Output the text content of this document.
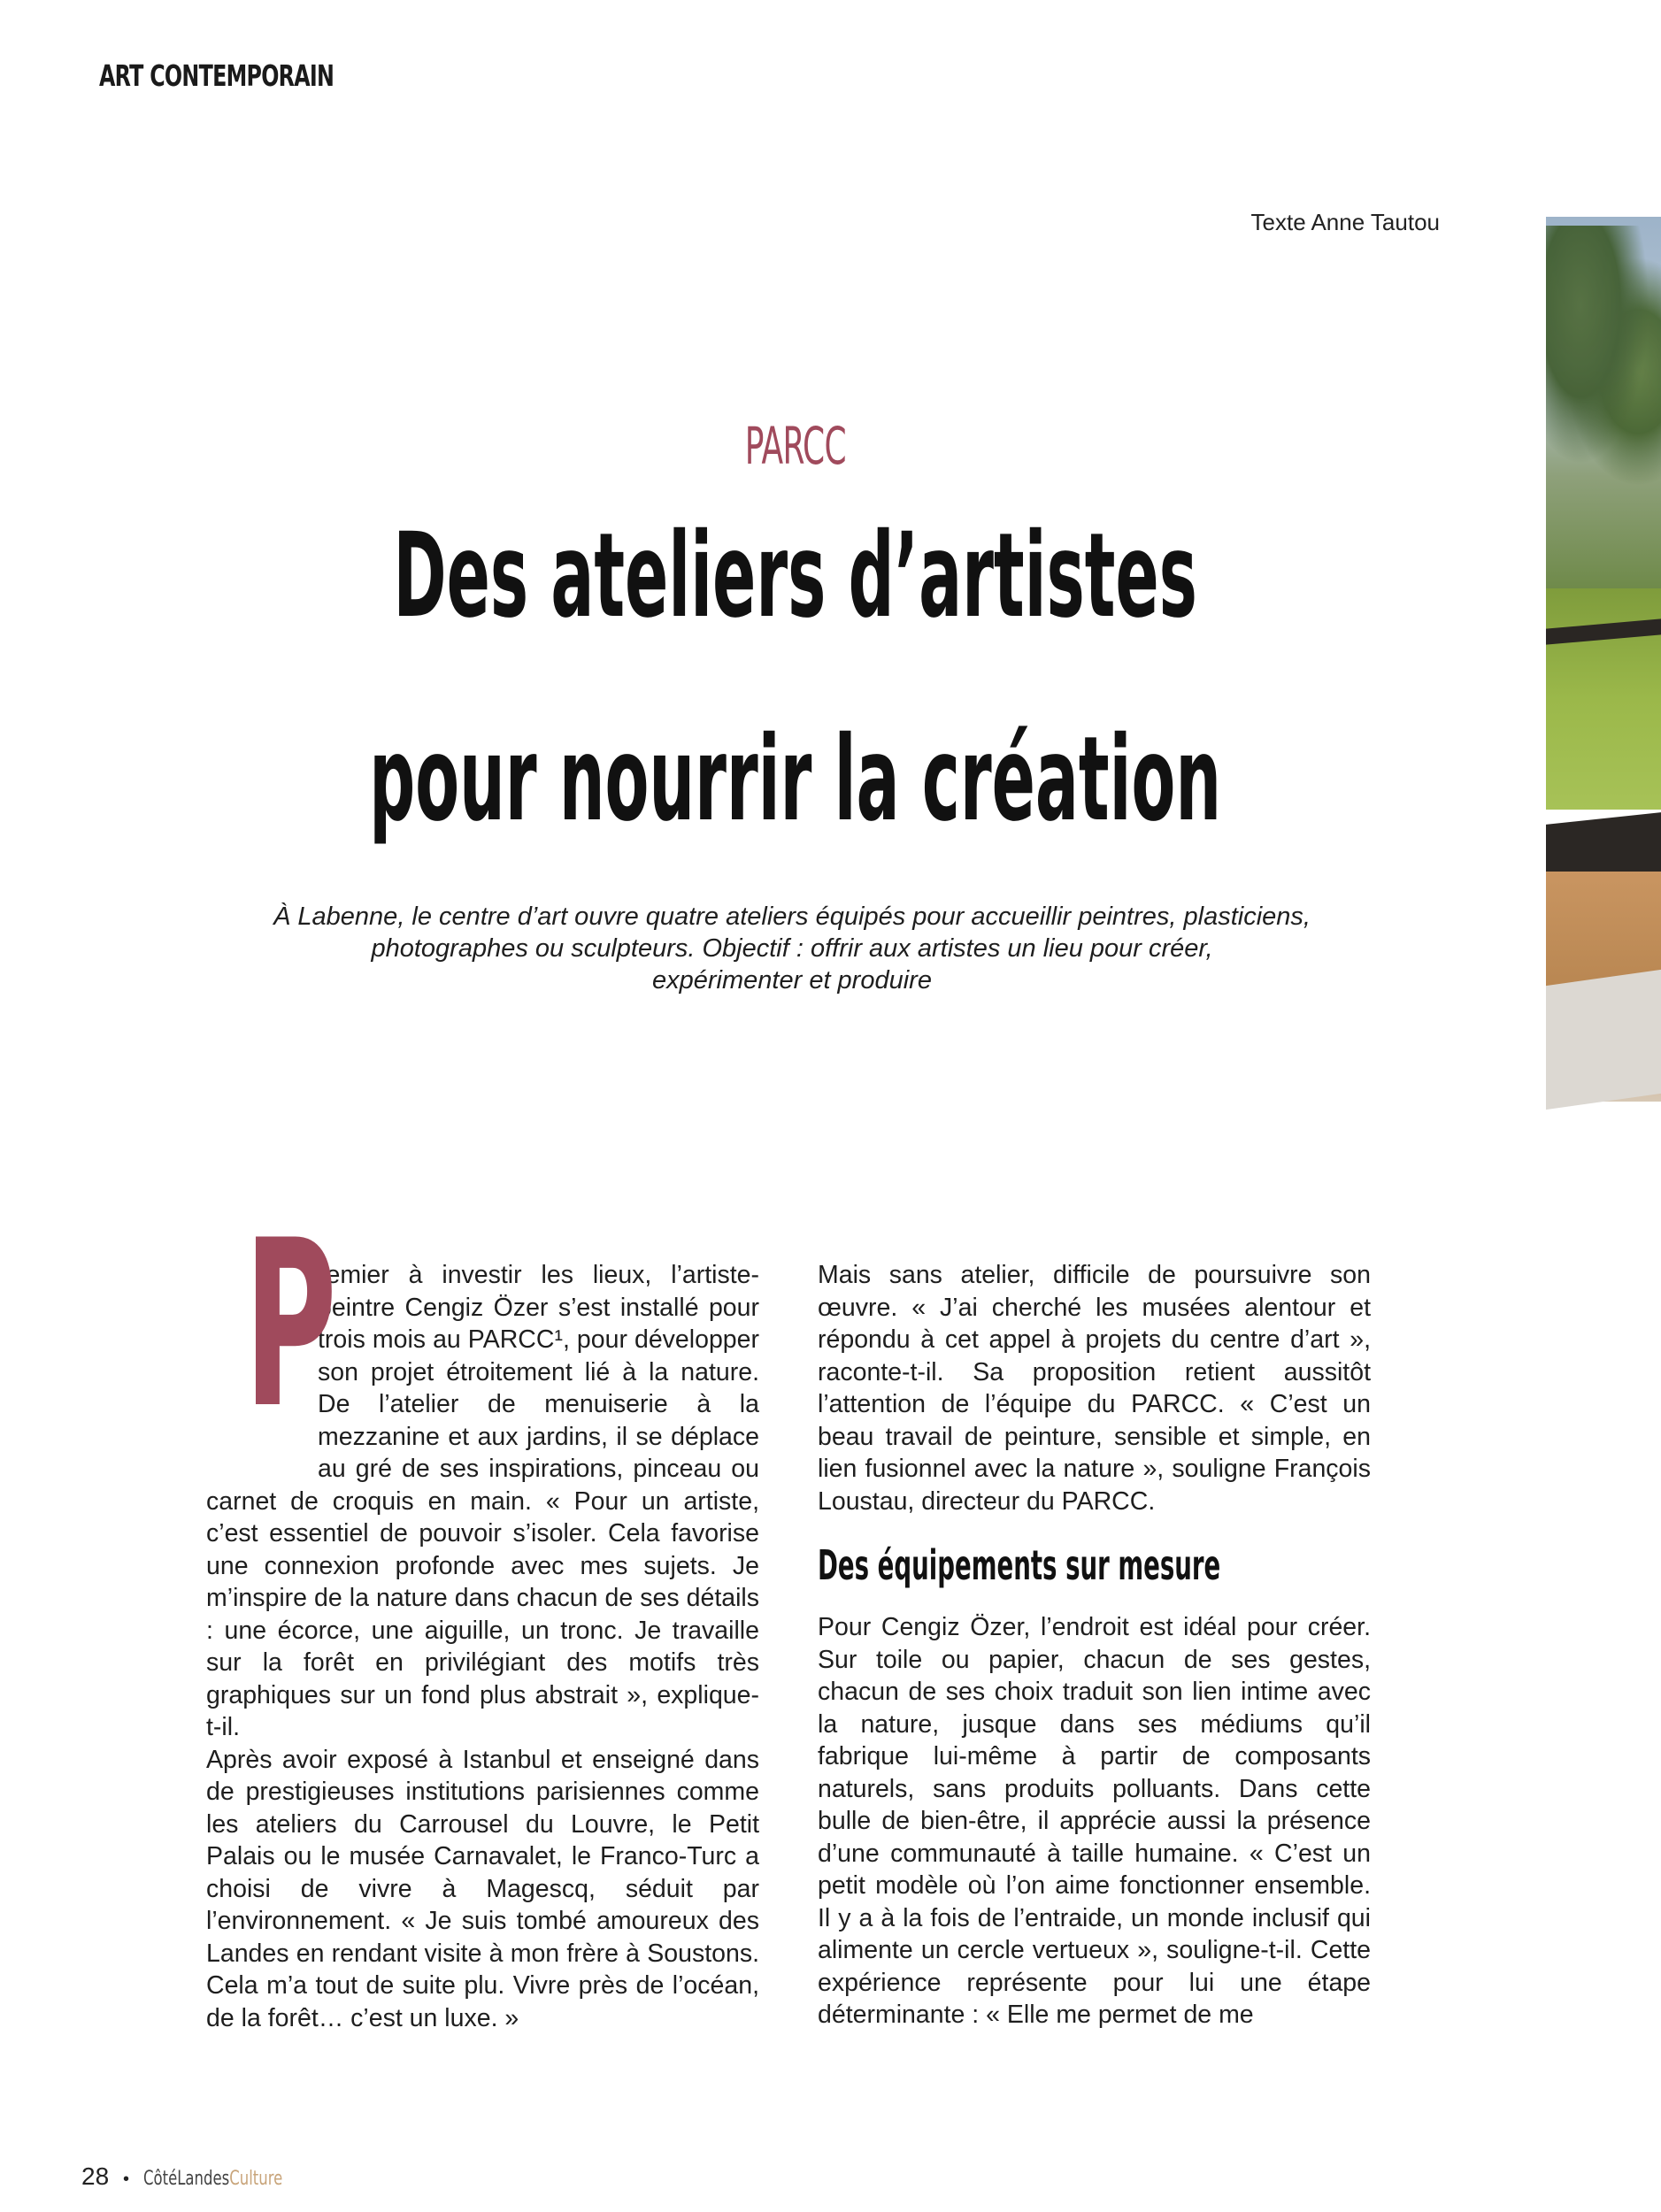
ART CONTEMPORAIN
Texte Anne Tautou
PARCC
Des ateliers d’artistes
pour nourrir la création
À Labenne, le centre d’art ouvre quatre ateliers équipés pour accueillir peintres, plasticiens,
photographes ou sculpteurs. Objectif : offrir aux artistes un lieu pour créer,
expérimenter et produire
P

remier à investir les lieux, l’artiste-peintre Cengiz Özer s’est installé pour trois mois au PARCC¹, pour développer son projet étroitement lié à la nature. De l’atelier de menuiserie à la mezzanine et aux jardins, il se déplace au gré de ses inspirations, pinceau ou carnet de croquis en main. « Pour un artiste, c’est essentiel de pouvoir s’isoler. Cela favorise une connexion profonde avec mes sujets. Je m’inspire de la nature dans chacun de ses détails : une écorce, une aiguille, un tronc. Je travaille sur la forêt en privilégiant des motifs très graphiques sur un fond plus abstrait », explique-t-il.

Après avoir exposé à Istanbul et enseigné dans de prestigieuses institutions parisiennes comme les ateliers du Carrousel du Louvre, le Petit Palais ou le musée Carnavalet, le Franco-Turc a choisi de vivre à Magescq, séduit par l’environnement. « Je suis tombé amoureux des Landes en rendant visite à mon frère à Soustons. Cela m’a tout de suite plu. Vivre près de l’océan, de la forêt… c’est un luxe. »

Mais sans atelier, difficile de poursuivre son œuvre. « J’ai cherché les musées alentour et répondu à cet appel à projets du centre d’art », raconte-t-il. Sa proposition retient aussitôt l’attention de l’équipe du PARCC. « C’est un beau travail de peinture, sensible et simple, en lien fusionnel avec la nature », souligne François Loustau, directeur du PARCC.

Des équipements sur mesure

Pour Cengiz Özer, l’endroit est idéal pour créer. Sur toile ou papier, chacun de ses gestes, chacun de ses choix traduit son lien intime avec la nature, jusque dans ses médiums qu’il fabrique lui-même à partir de composants naturels, sans produits polluants. Dans cette bulle de bien-être, il apprécie aussi la présence d’une communauté à taille humaine. « C’est un petit modèle où l’on aime fonctionner ensemble. Il y a à la fois de l’entraide, un monde inclusif qui alimente un cercle vertueux », souligne-t-il. Cette expérience représente pour lui une étape déterminante : « Elle me permet de me

28 • CôtéLandesCulture
